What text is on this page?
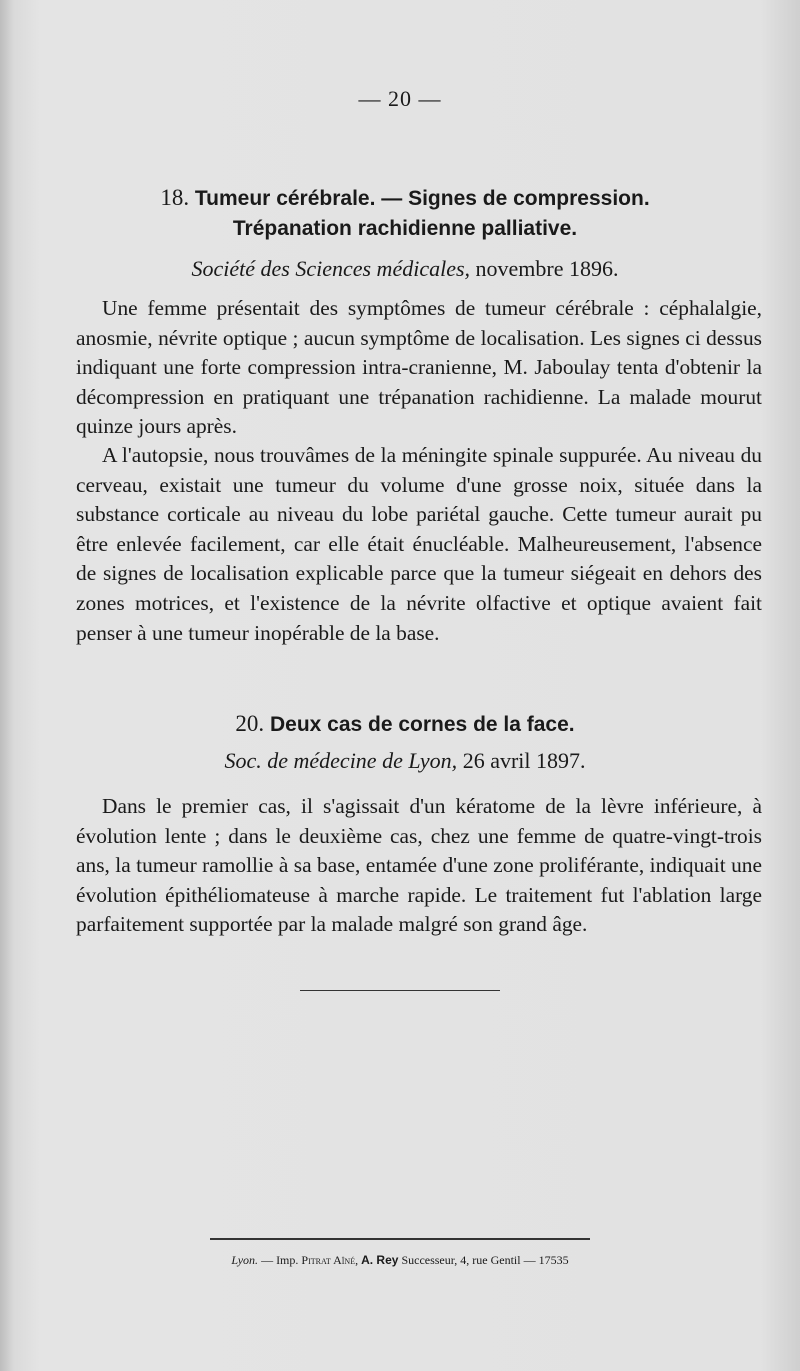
— 20 —
18. Tumeur cérébrale. — Signes de compression.
Trépanation rachidienne palliative.
Société des Sciences médicales, novembre 1896.

Une femme présentait des symptômes de tumeur cérébrale : céphalalgie, anosmie, névrite optique ; aucun symptôme de localisation. Les signes ci dessus indiquant une forte compression intra-cranienne, M. Jaboulay tenta d'obtenir la décompression en pratiquant une trépanation rachidienne. La malade mourut quinze jours après.

A l'autopsie, nous trouvâmes de la méningite spinale suppurée. Au niveau du cerveau, existait une tumeur du volume d'une grosse noix, située dans la substance corticale au niveau du lobe pariétal gauche. Cette tumeur aurait pu être enlevée facilement, car elle était énucléable. Malheureusement, l'absence de signes de localisation explicable parce que la tumeur siégeait en dehors des zones motrices, et l'existence de la névrite olfactive et optique avaient fait penser à une tumeur inopérable de la base.

20. Deux cas de cornes de la face.
Soc. de médecine de Lyon, 26 avril 1897.

Dans le premier cas, il s'agissait d'un kératome de la lèvre inférieure, à évolution lente ; dans le deuxième cas, chez une femme de quatre-vingt-trois ans, la tumeur ramollie à sa base, entamée d'une zone proliférante, indiquait une évolution épithéliomateuse à marche rapide. Le traitement fut l'ablation large parfaitement supportée par la malade malgré son grand âge.

Lyon. — Imp. Pitrat Aîné, A. Rey Successeur, 4, rue Gentil — 17535
